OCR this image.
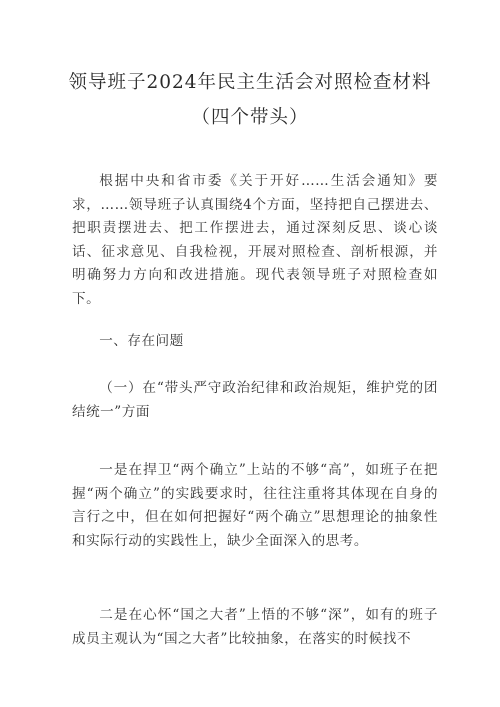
领导班子2024年民主生活会对照检查材料
（四个带头）
根据中央和省市委《关于开好……生活会通知》要求，……领导班子认真围绕4个方面，坚持把自己摆进去、把职责摆进去、把工作摆进去，通过深刻反思、谈心谈话、征求意见、自我检视，开展对照检查、剖析根源，并明确努力方向和改进措施。现代表领导班子对照检查如下。
一、存在问题
（一）在“带头严守政治纪律和政治规矩，维护党的团结统一”方面
一是在捍卫“两个确立”上站的不够“高”，如班子在把握“两个确立”的实践要求时，往往注重将其体现在自身的言行之中，但在如何把握好“两个确立”思想理论的抽象性和实际行动的实践性上，缺少全面深入的思考。
二是在心怀“国之大者”上悟的不够“深”，如有的班子成员主观认为“国之大者”比较抽象，在落实的时候找不
